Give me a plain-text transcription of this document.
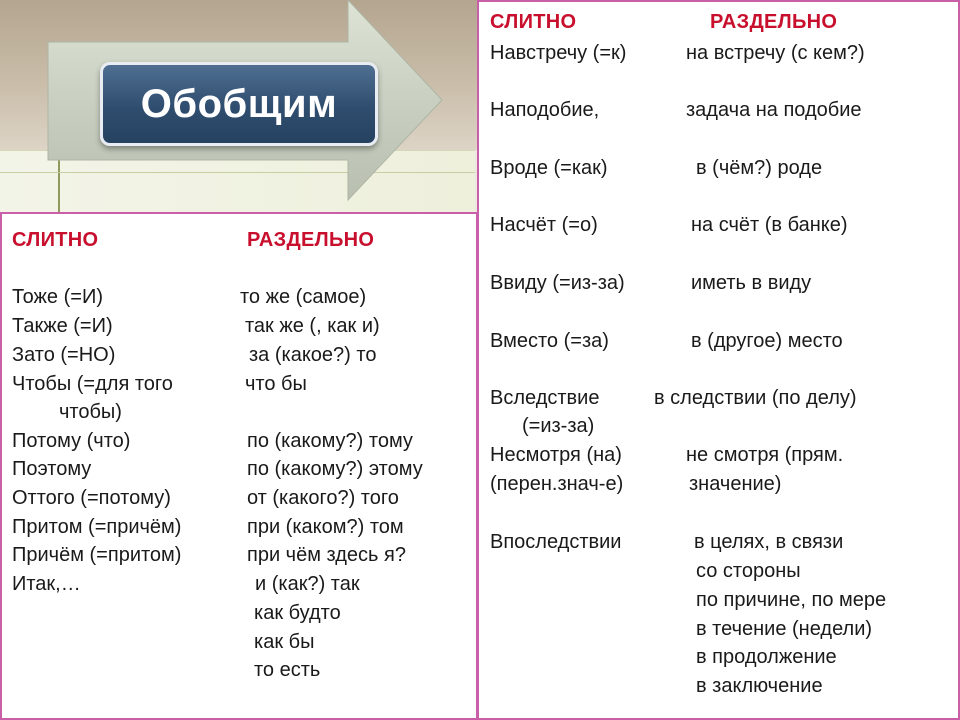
Обобщим
СЛИТНО	РАЗДЕЛЬНО
Тоже (=И)	то же (самое)
Также (=И)	так же (, как и)
Зато (=НО)	за (какое?) то
Чтобы (=для того	что бы
чтобы)
Потому (что)	по (какому?) тому
Поэтому	по (какому?) этому
Оттого (=потому)	от (какого?) того
Притом (=причём)	при (каком?) том
Причём (=притом)	при чём здесь я?
Итак,…	и (как?) так
как будто
как бы
то есть
СЛИТНО	РАЗДЕЛЬНО
Навстречу (=к)	на встречу (с кем?)
Наподобие,	задача на подобие
Вроде (=как)	в (чём?) роде
Насчёт (=о)	на счёт (в банке)
Ввиду (=из-за)	иметь в виду
Вместо (=за)	в (другое) место
Вследствие	в следствии (по делу)
(=из-за)
Несмотря (на)	не смотря (прям.
(перен.знач-е)	значение)
Впоследствии	в целях, в связи
со стороны
по причине, по мере
в течение (недели)
в продолжение
в заключение
